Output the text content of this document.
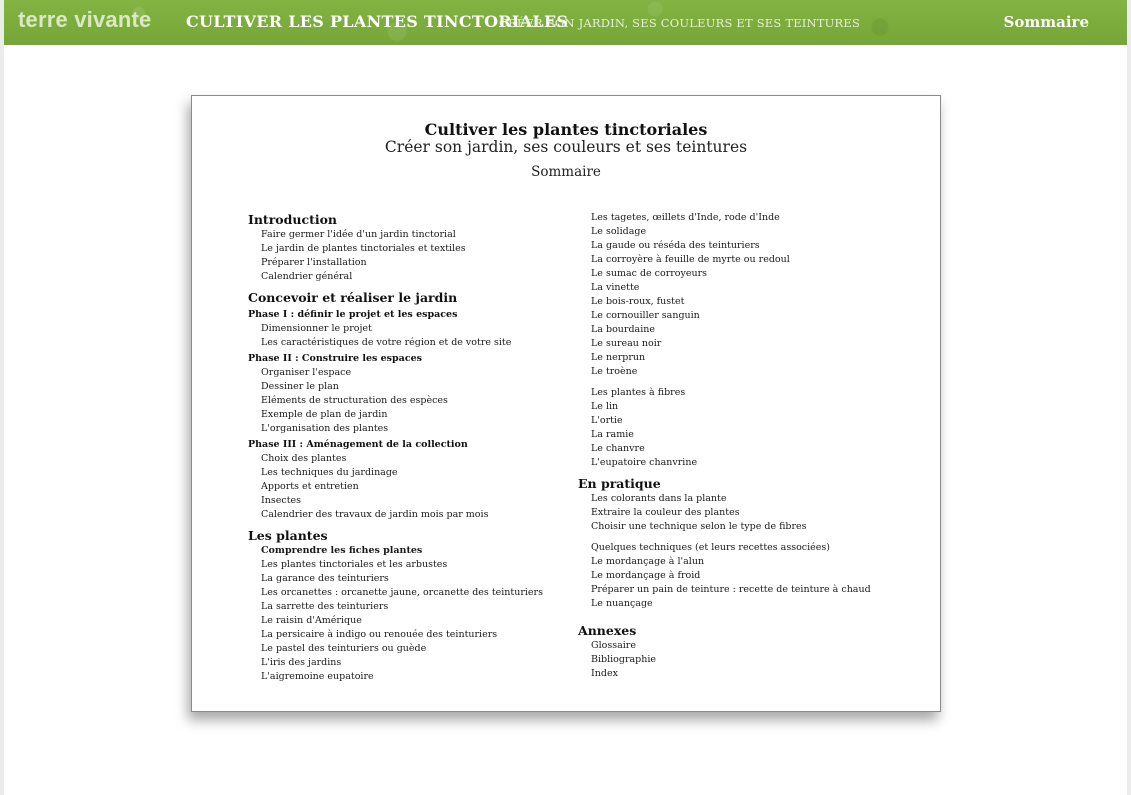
terre vivante CULTIVER LES PLANTES TINCTORIALES
CRÉER SON JARDIN, SES COULEURS ET SES TEINTURES	Sommaire
Cultiver les plantes tinctoriales
Créer son jardin, ses couleurs et ses teintures
Sommaire
Introduction
Faire germer l'idée d'un jardin tinctorial
Le jardin de plantes tinctoriales et textiles
Préparer l'installation
Calendrier général
Concevoir et réaliser le jardin
Phase I : définir le projet et les espaces
Dimensionner le projet
Les caractéristiques de votre région et de votre site
Phase II : Construire les espaces
Organiser l'espace
Dessiner le plan
Eléments de structuration des espèces
Exemple de plan de jardin
L'organisation des plantes
Phase III : Aménagement de la collection
Choix des plantes
Les techniques du jardinage
Apports et entretien
Insectes
Calendrier des travaux de jardin mois par mois
Les plantes
Comprendre les fiches plantes
Les plantes tinctoriales et les arbustes
La garance des teinturiers
Les orcanettes : orcanette jaune, orcanette des teinturiers
La sarrette des teinturiers
Le raisin d'Amérique
La persicaire à indigo ou renouée des teinturiers
Le pastel des teinturiers ou guède
L'iris des jardins
L'aigremoine eupatoire
Les tagetes, œillets d'Inde, rode d'Inde
Le solidage
La gaude ou réséda des teinturiers
La corroyère à feuille de myrte ou redoul
Le sumac de corroyeurs
La vinette
Le bois-roux, fustet
Le cornouiller sanguin
La bourdaine
Le sureau noir
Le nerprun
Le troène
Les plantes à fibres
Le lin
L'ortie
La ramie
Le chanvre
L'eupatoire chanvrine
En pratique
Les colorants dans la plante
Extraire la couleur des plantes
Choisir une technique selon le type de fibres
Quelques techniques (et leurs recettes associées)
Le mordançage à l'alun
Le mordançage à froid
Préparer un pain de teinture : recette de teinture à chaud
Le nuançage
Annexes
Glossaire
Bibliographie
Index
